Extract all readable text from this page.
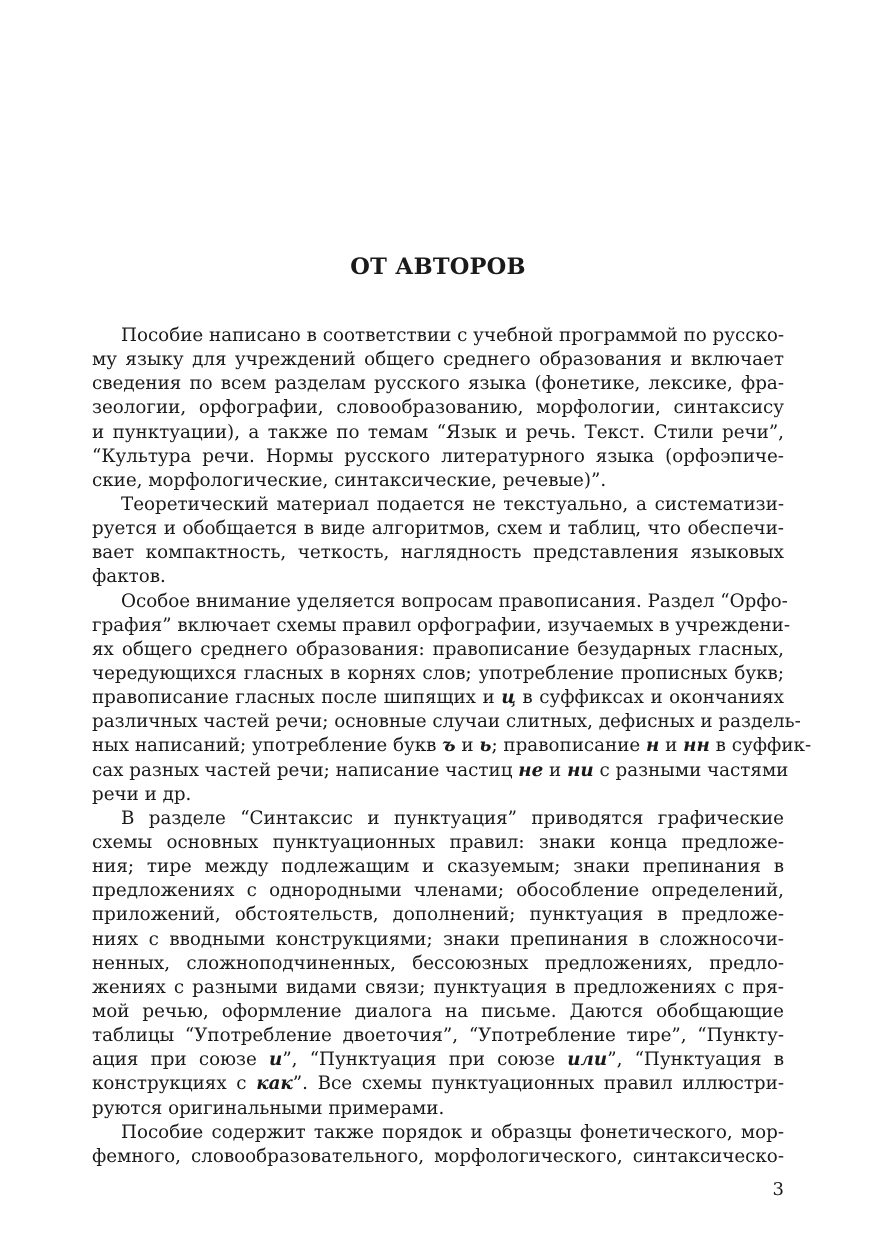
ОТ АВТОРОВ
Пособие написано в соответствии с учебной программой по русско-
му языку для учреждений общего среднего образования и включает
сведения по всем разделам русского языка (фонетике, лексике, фра-
зеологии, орфографии, словообразованию, морфологии, синтаксису
и пунктуации), а также по темам “Язык и речь. Текст. Стили речи”,
“Культура речи. Нормы русского литературного языка (орфоэпиче-
ские, морфологические, синтаксические, речевые)”.
Теоретический материал подается не текстуально, а систематизи-
руется и обобщается в виде алгоритмов, схем и таблиц, что обеспечи-
вает компактность, четкость, наглядность представления языковых
фактов.
Особое внимание уделяется вопросам правописания. Раздел “Орфо-
графия” включает схемы правил орфографии, изучаемых в учреждени-
ях общего среднего образования: правописание безударных гласных,
чередующихся гласных в корнях слов; употребление прописных букв;
правописание гласных после шипящих и ц в суффиксах и окончаниях
различных частей речи; основные случаи слитных, дефисных и раздель-
ных написаний; употребление букв ъ и ь; правописание н и нн в суффик-
сах разных частей речи; написание частиц не и ни с разными частями
речи и др.
В разделе “Синтаксис и пунктуация” приводятся графические
схемы основных пунктуационных правил: знаки конца предложе-
ния; тире между подлежащим и сказуемым; знаки препинания в
предложениях с однородными членами; обособление определений,
приложений, обстоятельств, дополнений; пунктуация в предложе-
ниях с вводными конструкциями; знаки препинания в сложносочи-
ненных, сложноподчиненных, бессоюзных предложениях, предло-
жениях с разными видами связи; пунктуация в предложениях с пря-
мой речью, оформление диалога на письме. Даются обобщающие
таблицы “Употребление двоеточия”, “Употребление тире”, “Пункту-
ация при союзе и”, “Пунктуация при союзе или”, “Пунктуация в
конструкциях с как”. Все схемы пунктуационных правил иллюстри-
руются оригинальными примерами.
Пособие содержит также порядок и образцы фонетического, мор-
фемного, словообразовательного, морфологического, синтаксическо-
3
